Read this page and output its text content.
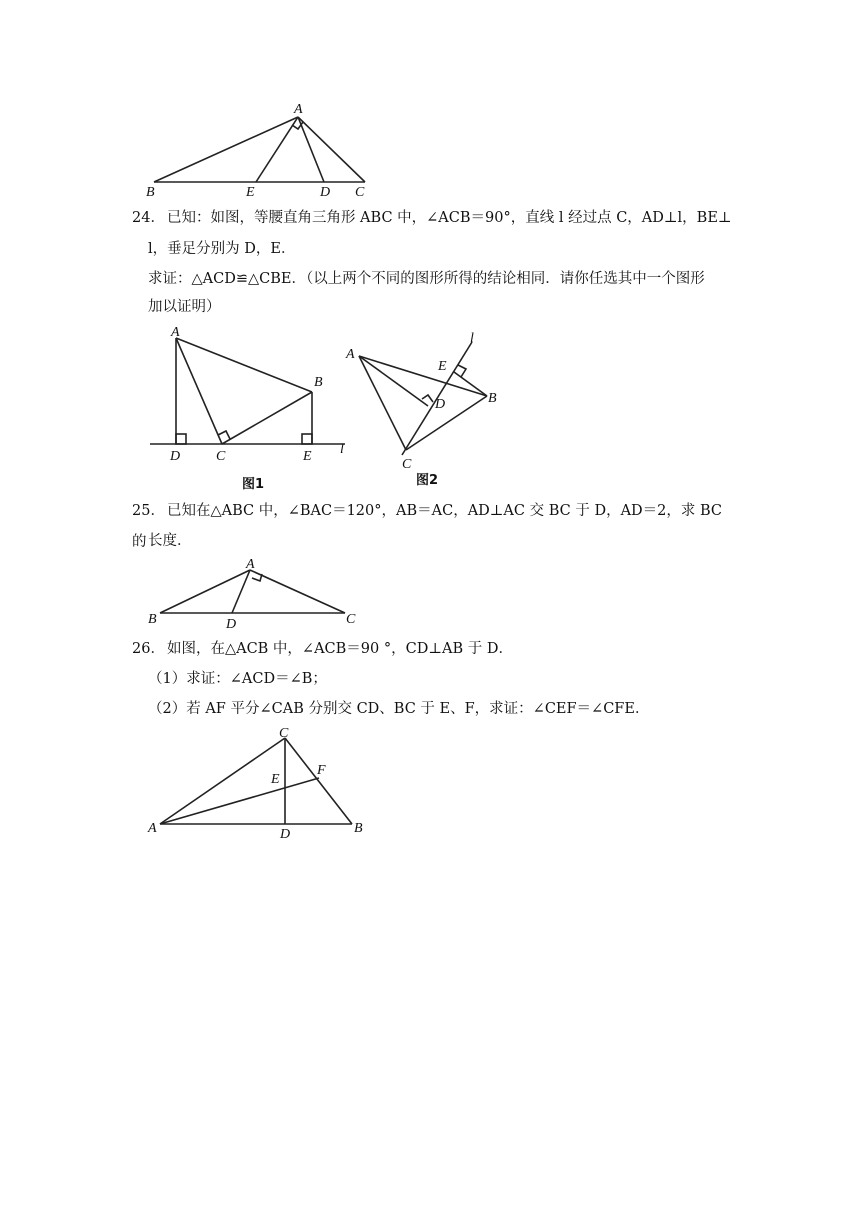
A
B	E	D C

24． 已知：如图，等腰直角三角形 ABC 中，∠ACB＝90°，直线 l 经过点 C，AD⊥l，BE⊥

l，垂足分别为 D，E．

求证：△ACD≌△CBE．（以上两个不同的图形所得的结论相同．请你任选其中一个图形

加以证明）

A
B
D	C	E l
图1
A
l
E
D	B
C
图2

25． 已知在△ABC 中，∠BAC＝120°，AB＝AC，AD⊥AC 交 BC 于 D，AD＝2，求 BC 的 长度．

A
B	D	C

26． 如图，在△ACB 中，∠ACB＝90 °，CD⊥AB 于 D．

（1）求证：∠ACD＝∠B；

（2）若 AF 平分∠CAB 分别交 CD、BC 于 E、F，求证：∠CEF＝∠CFE．

C
E
F
A	D	B
